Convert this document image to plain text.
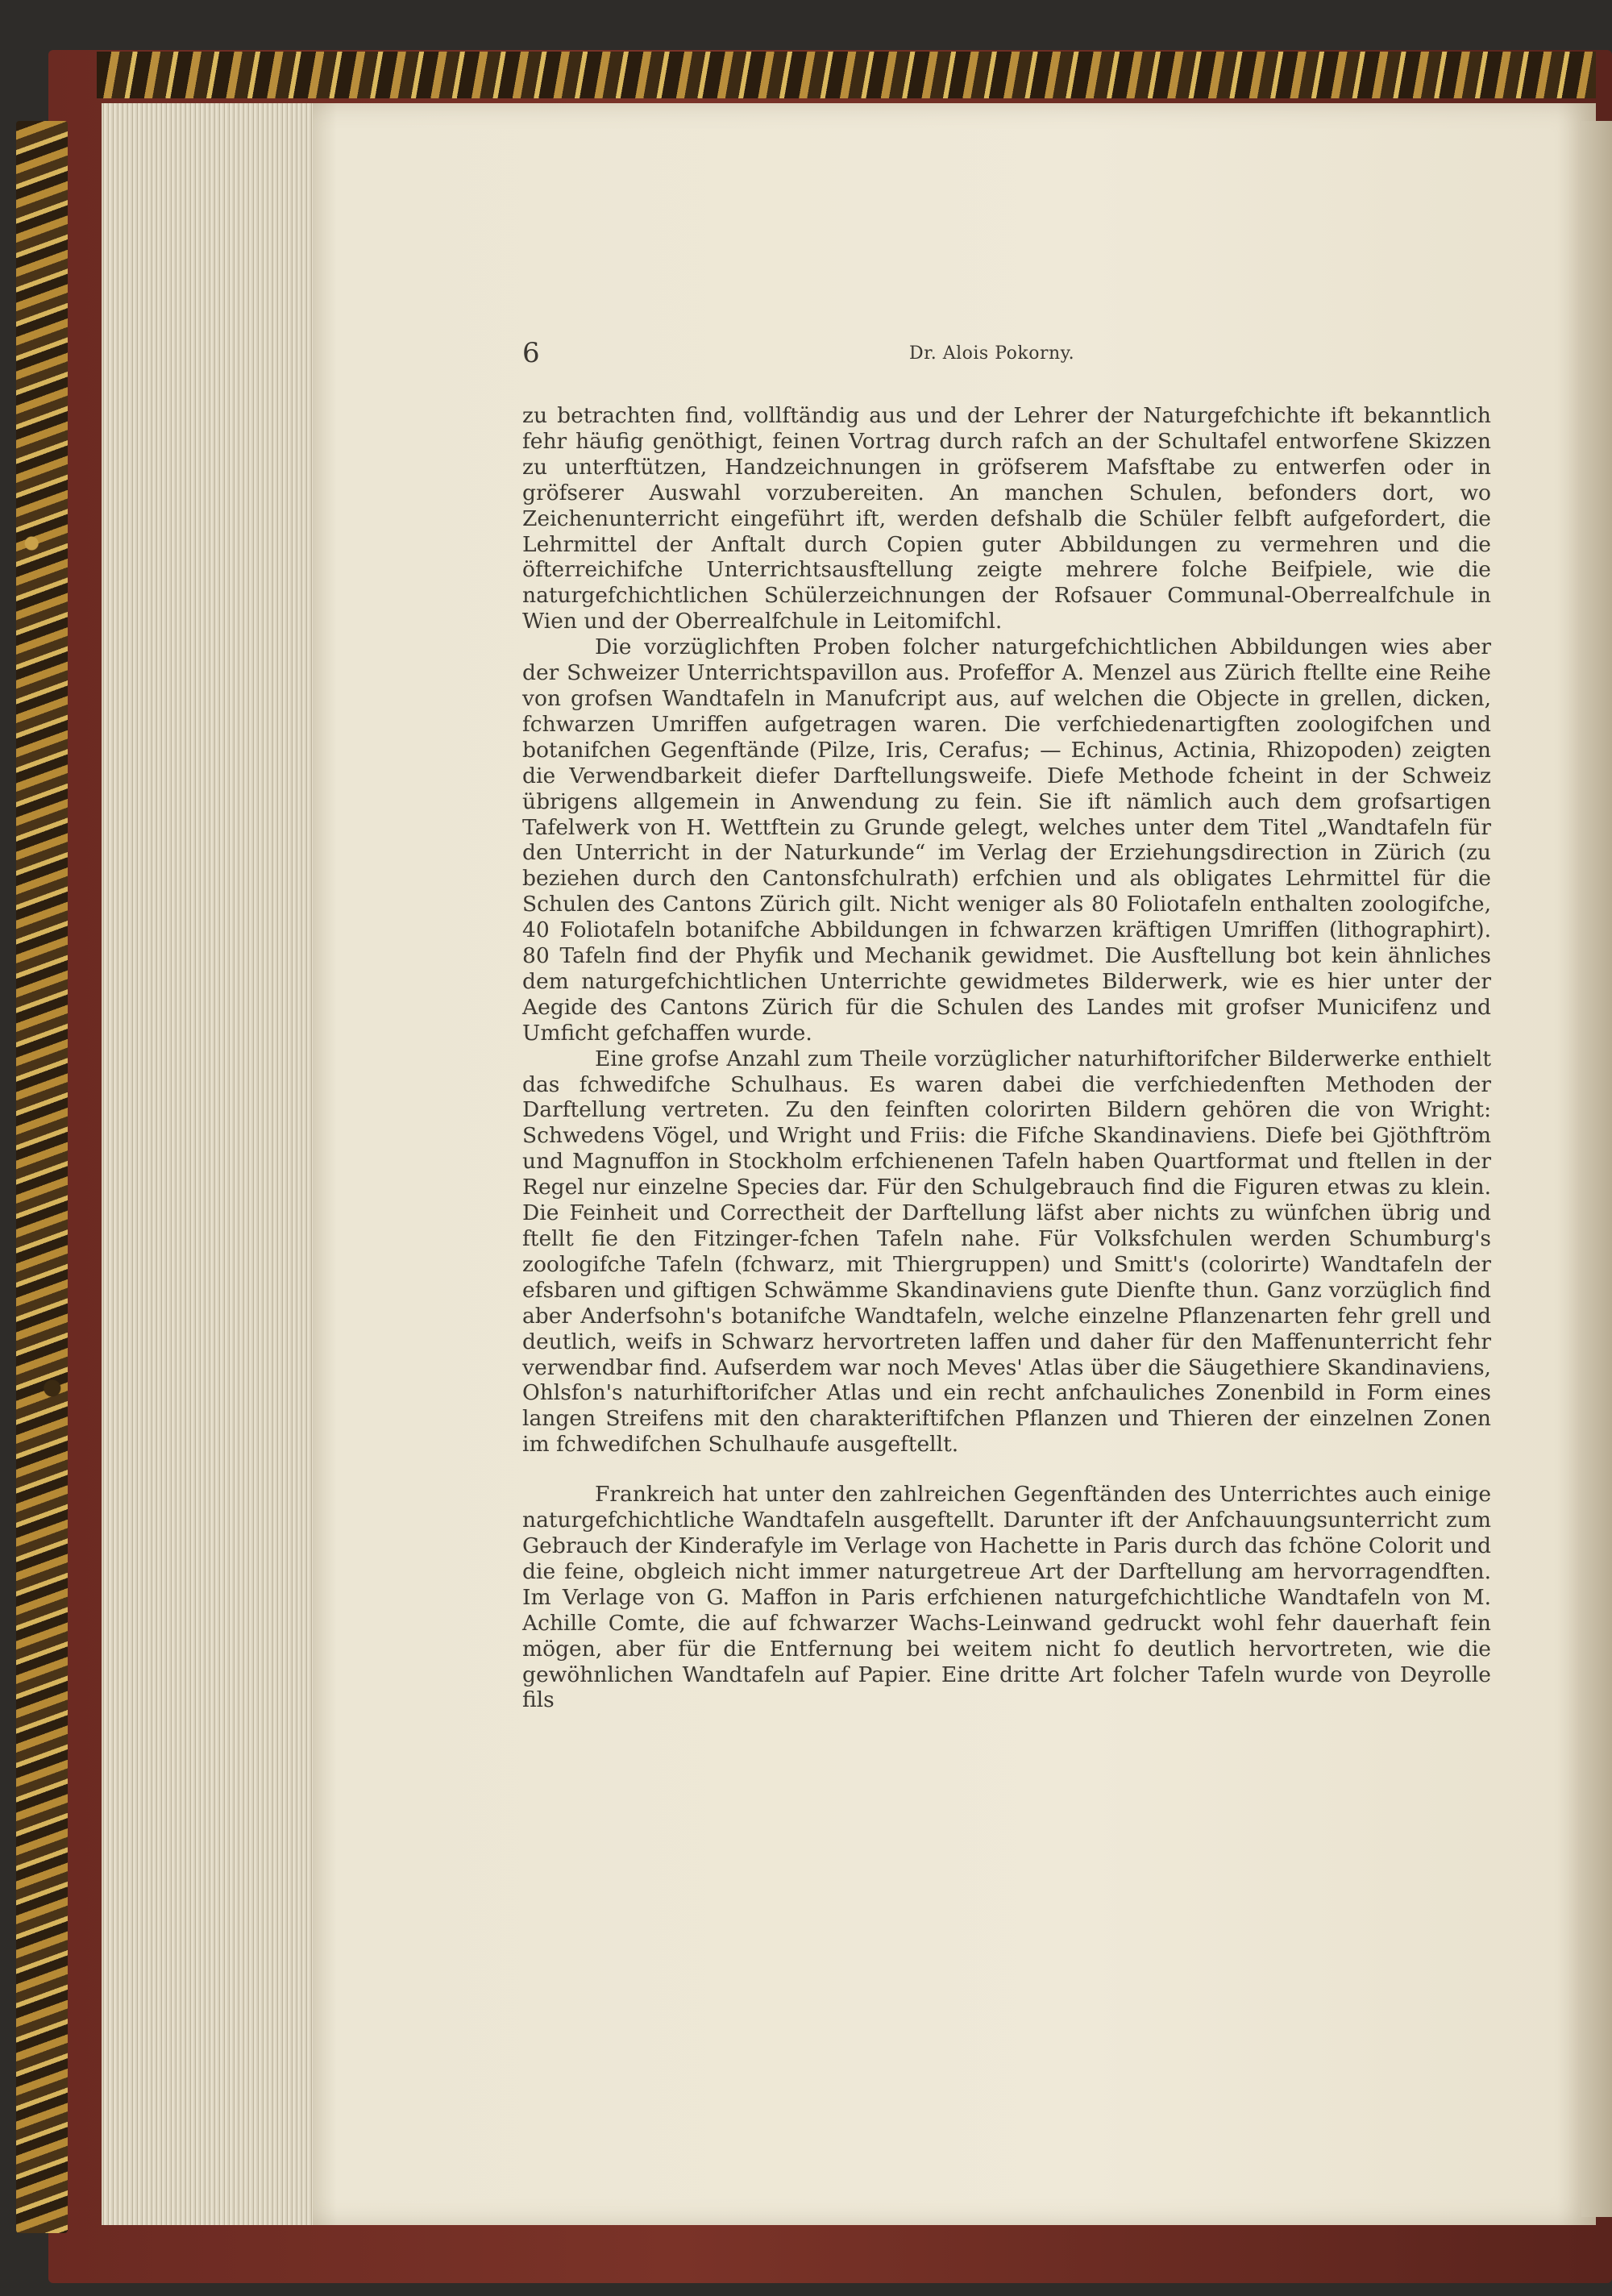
6	Dr. Alois Pokorny.

zu betrachten find, vollftändig aus und der Lehrer der Naturgefchichte ift bekanntlich fehr häufig genöthigt, feinen Vortrag durch rafch an der Schultafel entworfene Skizzen zu unterftützen, Handzeichnungen in gröfserem Mafsftabe zu entwerfen oder in gröfserer Auswahl vorzubereiten. An manchen Schulen, befonders dort, wo Zeichenunterricht eingeführt ift, werden defshalb die Schüler felbft aufgefordert, die Lehrmittel der Anftalt durch Copien guter Abbildungen zu vermehren und die öfterreichifche Unterrichtsausftellung zeigte mehrere folche Beifpiele, wie die naturgefchichtlichen Schülerzeichnungen der Rofsauer Communal-Oberrealfchule in Wien und der Oberrealfchule in Leitomifchl.

Die vorzüglichften Proben folcher naturgefchichtlichen Abbildungen wies aber der Schweizer Unterrichtspavillon aus. Profeffor A. Menzel aus Zürich ftellte eine Reihe von grofsen Wandtafeln in Manufcript aus, auf welchen die Objecte in grellen, dicken, fchwarzen Umriffen aufgetragen waren. Die verfchiedenartigften zoologifchen und botanifchen Gegenftände (Pilze, Iris, Cerafus; — Echinus, Actinia, Rhizopoden) zeigten die Verwendbarkeit diefer Darftellungsweife. Diefe Methode fcheint in der Schweiz übrigens allgemein in Anwendung zu fein. Sie ift nämlich auch dem grofsartigen Tafelwerk von H. Wettftein zu Grunde gelegt, welches unter dem Titel „Wandtafeln für den Unterricht in der Naturkunde“ im Verlag der Erziehungsdirection in Zürich (zu beziehen durch den Cantonsfchulrath) erfchien und als obligates Lehrmittel für die Schulen des Cantons Zürich gilt. Nicht weniger als 80 Foliotafeln enthalten zoologifche, 40 Foliotafeln botanifche Abbildungen in fchwarzen kräftigen Umriffen (lithographirt). 80 Tafeln find der Phyfik und Mechanik gewidmet. Die Ausftellung bot kein ähnliches dem naturgefchichtlichen Unterrichte gewidmetes Bilderwerk, wie es hier unter der Aegide des Cantons Zürich für die Schulen des Landes mit grofser Municifenz und Umficht gefchaffen wurde.

Eine grofse Anzahl zum Theile vorzüglicher naturhiftorifcher Bilderwerke enthielt das fchwedifche Schulhaus. Es waren dabei die verfchiedenften Methoden der Darftellung vertreten. Zu den feinften colorirten Bildern gehören die von Wright: Schwedens Vögel, und Wright und Friis: die Fifche Skandinaviens. Diefe bei Gjöthftröm und Magnuffon in Stockholm erfchienenen Tafeln haben Quartformat und ftellen in der Regel nur einzelne Species dar. Für den Schulgebrauch find die Figuren etwas zu klein. Die Feinheit und Correctheit der Darftellung läfst aber nichts zu wünfchen übrig und ftellt fie den Fitzinger-fchen Tafeln nahe. Für Volksfchulen werden Schumburg's zoologifche Tafeln (fchwarz, mit Thiergruppen) und Smitt's (colorirte) Wandtafeln der efsbaren und giftigen Schwämme Skandinaviens gute Dienfte thun. Ganz vorzüglich find aber Anderfsohn's botanifche Wandtafeln, welche einzelne Pflanzenarten fehr grell und deutlich, weifs in Schwarz hervortreten laffen und daher für den Maffenunterricht fehr verwendbar find. Aufserdem war noch Meves' Atlas über die Säugethiere Skandinaviens, Ohlsfon's naturhiftorifcher Atlas und ein recht anfchauliches Zonenbild in Form eines langen Streifens mit den charakteriftifchen Pflanzen und Thieren der einzelnen Zonen im fchwedifchen Schulhaufe ausgeftellt.

Frankreich hat unter den zahlreichen Gegenftänden des Unterrichtes auch einige naturgefchichtliche Wandtafeln ausgeftellt. Darunter ift der Anfchauungsunterricht zum Gebrauch der Kinderafyle im Verlage von Hachette in Paris durch das fchöne Colorit und die feine, obgleich nicht immer naturgetreue Art der Darftellung am hervorragendften. Im Verlage von G. Maffon in Paris erfchienen naturgefchichtliche Wandtafeln von M. Achille Comte, die auf fchwarzer Wachs-Leinwand gedruckt wohl fehr dauerhaft fein mögen, aber für die Entfernung bei weitem nicht fo deutlich hervortreten, wie die gewöhnlichen Wandtafeln auf Papier. Eine dritte Art folcher Tafeln wurde von Deyrolle fils
